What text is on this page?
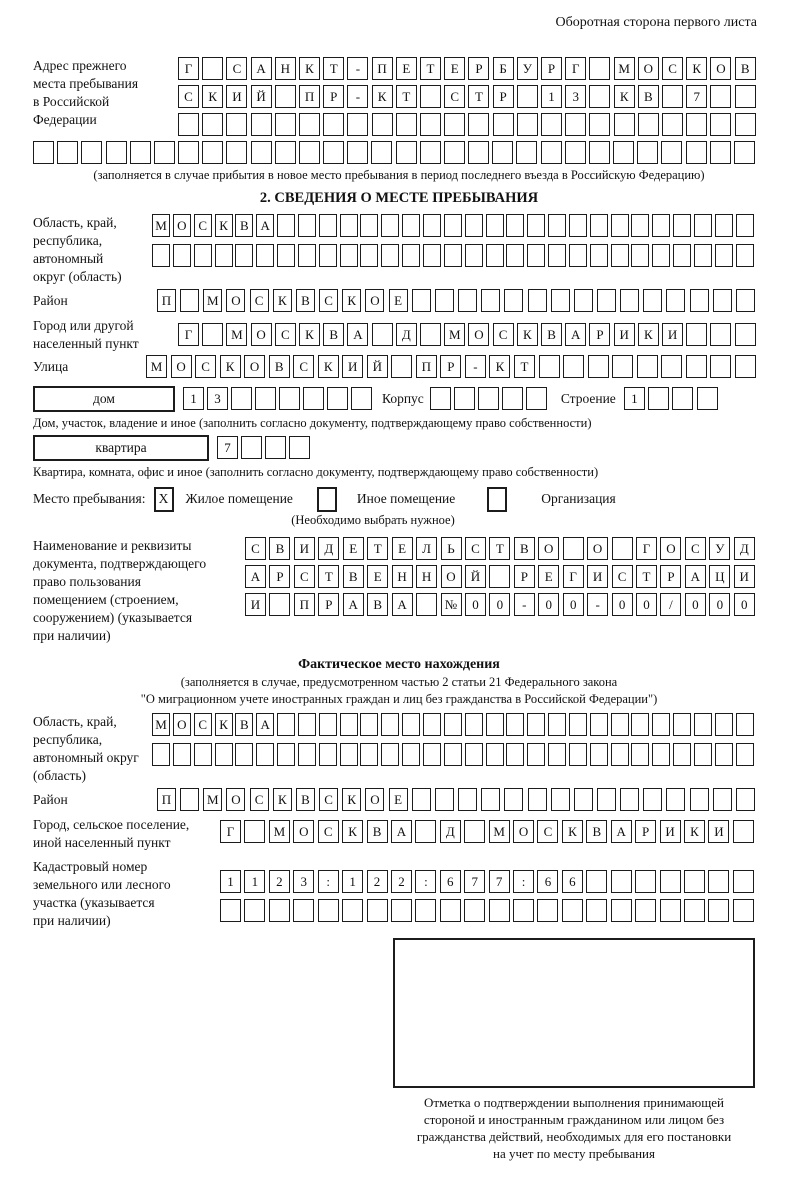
Оборотная сторона первого листа
Адрес прежнего
места пребывания
в Российской
Федерации
Г	С	А	Н	К	Т	-	П	Е	Т	Е	Р	Б	У	Р	Г	М	О	С	К	О	В
С	К	И	Й	П	Р	-	К	Т	С	Т	Р	1	3	К	В	7
(заполняется в случае прибытия в новое место пребывания в период последнего въезда в Российскую Федерацию)
2. СВЕДЕНИЯ О МЕСТЕ ПРЕБЫВАНИЯ
Область, край,
республика,
автономный
округ (область)
М О С К В А
Район	П	М О	С	К	В	С	К	О	Е
Город или другой
населенный пункт
Г	М	О	С	К	В	А	Д	М	О	С	К	В	А	Р	И	К	И
Улица	М	О	С	К	О	В	С	К	И	Й	П	Р	-	К	Т
дом	1	3	Корпус	Строение	1
Дом, участок, владение и иное (заполнить согласно документу, подтверждающему право собственности)
квартира	7
Квартира, комната, офис и иное (заполнить согласно документу, подтверждающему право собственности)
Место пребывания: X	Жилое помещение	Иное помещение	Организация
(Необходимо выбрать нужное)
Наименование и реквизиты
документа, подтверждающего
право пользования
помещением (строением,
сооружением) (указывается
при наличии)
С	В	И	Д	Е	Т	Е	Л	Ь	С	Т	В	О	О	Г	О	С	У	Д
А	Р	С	Т	В	Е	Н	Н	О	Й	Р	Е	Г	И	С	Т	Р	А	Ц	И
И	П	Р	А	В	А	№	0	0	-	0	0	-	0	0	/	0	0	0
Фактическое место нахождения
(заполняется в случае, предусмотренном частью 2 статьи 21 Федерального закона
"О миграционном учете иностранных граждан и лиц без гражданства в Российской Федерации")
Область, край,
республика,
автономный округ
(область)
М О С К В А
Район	П	М О	С	К	В	С	К	О	Е
Город, сельское поселение,
иной населенный пункт
Г	М	О	С	К	В	А	Д	М	О	С	К	В	А	Р	И	К	И
Кадастровый номер
земельного или лесного
участка (указывается
при наличии)
1	1	2	3	:	1	2	2	:	6	7	7	:	6	6
Отметка о подтверждении выполнения принимающей
стороной и иностранным гражданином или лицом без
гражданства действий, необходимых для его постановки
на учет по месту пребывания
